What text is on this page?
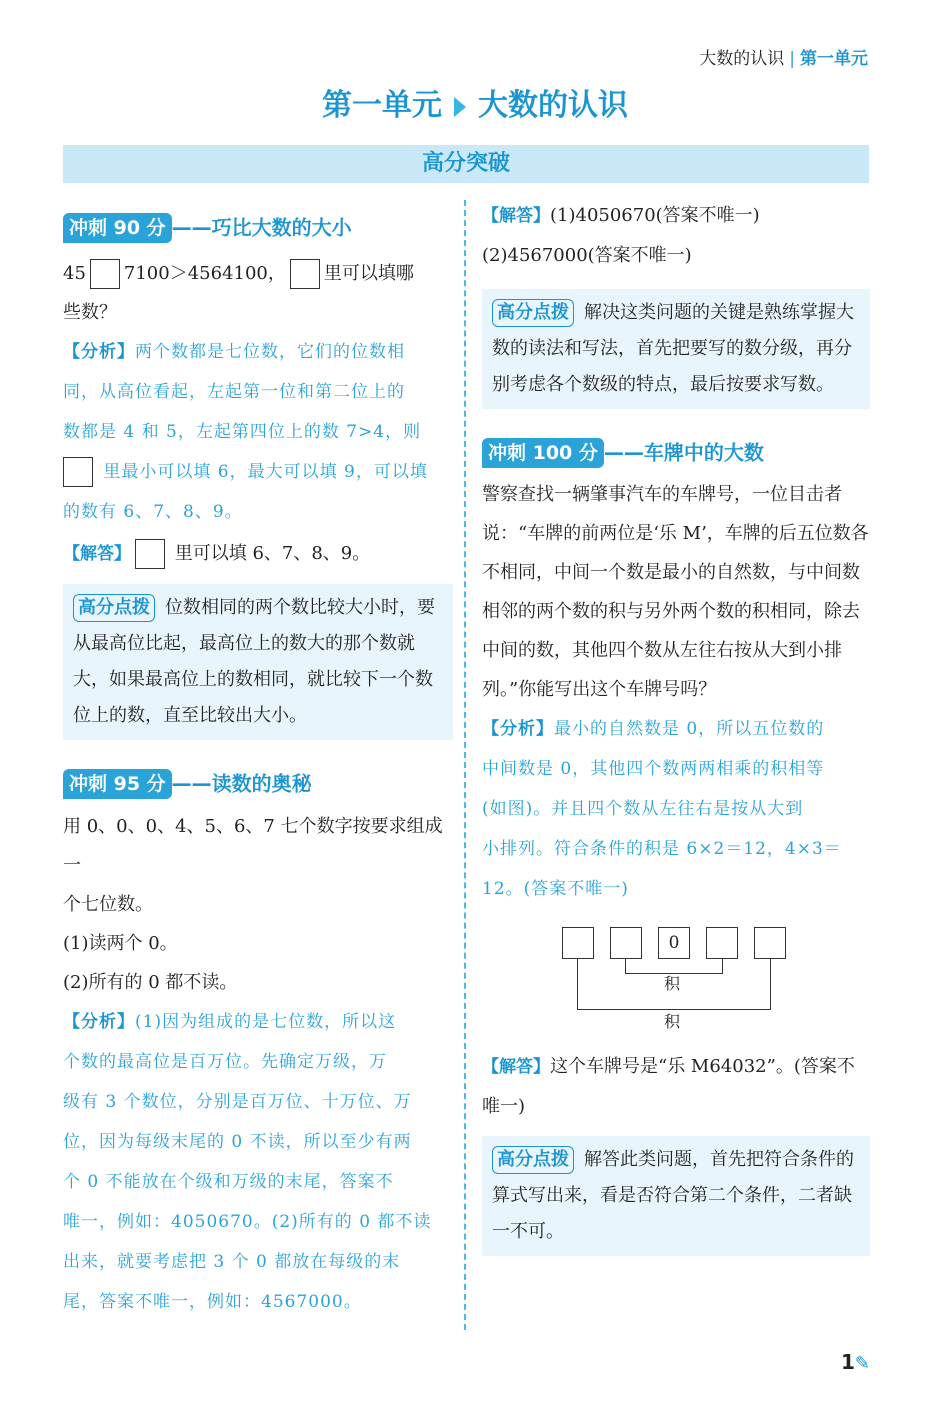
大数的认识 | 第一单元
第一单元 大数的认识
高分突破
冲刺 90 分 ——巧比大数的大小

45 7100＞4564100， 里可以填哪
些数？

【分析】两个数都是七位数，它们的位数相
同，从高位看起，左起第一位和第二位上的
数都是 4 和 5，左起第四位上的数 7>4，则
里最小可以填 6，最大可以填 9，可以填
的数有 6、7、8、9。

【解答】 里可以填 6、7、8、9。

高分点拨 位数相同的两个数比较大小时，要从最高位比起，最高位上的数大的那个数就大，如果最高位上的数相同，就比较下一个数位上的数，直至比较出大小。
冲刺 95 分 ——读数的奥秘

用 0、0、0、4、5、6、7 七个数字按要求组成一
个七位数。
(1)读两个 0。
(2)所有的 0 都不读。

【分析】(1)因为组成的是七位数，所以这
个数的最高位是百万位。先确定万级，万
级有 3 个数位，分别是百万位、十万位、万
位，因为每级末尾的 0 不读，所以至少有两
个 0 不能放在个级和万级的末尾，答案不
唯一，例如：4050670。(2)所有的 0 都不读
出来，就要考虑把 3 个 0 都放在每级的末
尾，答案不唯一，例如：4567000。

【解答】(1)4050670(答案不唯一)
(2)4567000(答案不唯一)

高分点拨 解决这类问题的关键是熟练掌握大数的读法和写法，首先把要写的数分级，再分别考虑各个数级的特点，最后按要求写数。
冲刺 100 分 ——车牌中的大数

警察查找一辆肇事汽车的车牌号，一位目击者说：“车牌的前两位是‘乐 M’，车牌的后五位数各不相同，中间一个数是最小的自然数，与中间数相邻的两个数的积与另外两个数的积相同，除去中间的数，其他四个数从左往右按从大到小排列。”你能写出这个车牌号吗？

【分析】最小的自然数是 0，所以五位数的
中间数是 0，其他四个数两两相乘的积相等
(如图)。并且四个数从左往右是按从大到
小排列。符合条件的积是 6×2＝12，4×3＝
12。(答案不唯一)
0
积
积

【解答】这个车牌号是“乐 M64032”。(答案不唯一)

高分点拨 解答此类问题，首先把符合条件的算式写出来，看是否符合第二个条件，二者缺一不可。
1✎
